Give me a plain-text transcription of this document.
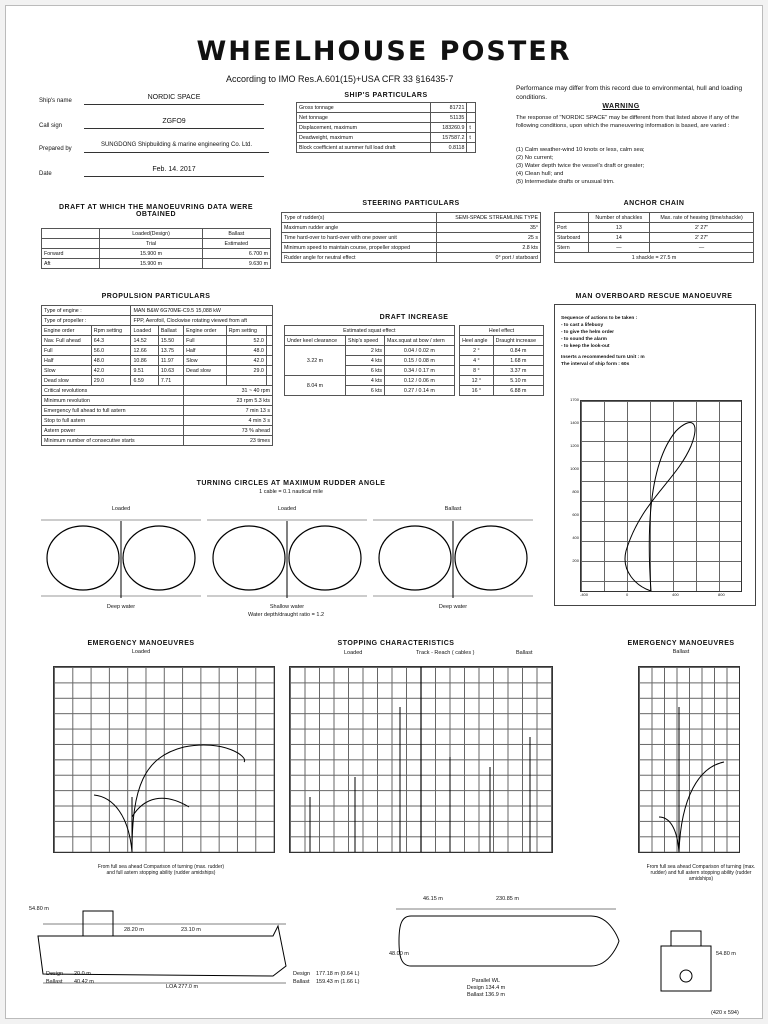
WHEELHOUSE POSTER
According to IMO Res.A.601(15)+USA CFR 33 §16435-7
Performance may differ from this record due to environmental, hull and loading conditions.
Ship's name	NORDIC SPACE
Call sign
ZGFO9
Prepared by
SUNGDONG Shipbuilding & marine engineering Co. Ltd.
Date
Feb. 14. 2017
SHIP'S PARTICULARS
Gross tonnage	81721	
Net tonnage	51135	
Displacement, maximum	183260.9	t
Deadweight, maximum	157587.2	t
Block coefficient at summer full load draft	0.8118	
WARNING
The response of "NORDIC SPACE" may be different from that listed above if any of the following conditions, upon which the maneuvering information is based, are varied :
(1) Calm weather-wind 10 knots or less, calm sea;
(2) No current;
(3) Water depth twice the vessel's draft or greater;
(4) Clean hull; and
(5) Intermediate drafts or unusual trim.
DRAFT AT WHICH THE MANOEUVRING DATA WERE OBTAINED
	Loaded(Design)	Ballast
	Trial	Estimated
Forward	15.900 m	6.700 m
Aft	15.900 m	9.630 m
STEERING PARTICULARS
Type of rudder(s)	SEMI-SPADE STREAMLINE TYPE
Maximum rudder angle	35°
Time hard-over to hard-over with one power unit	25 s
Minimum speed to maintain course, propeller stopped	2.8 kts
Rudder angle for neutral effect	0° port / starboard
ANCHOR CHAIN
	Number of shackles	Max. rate of heaving (time/shackle)
Port	13	2' 27"
Starboard	14	2' 27"
Stern	—	—
1 shackle = 27.5 m		
PROPULSION PARTICULARS
Type of engine :		MAN B&W 6G70ME-C9.5 15,088 kW				
Type of propeller :		FPP, Aerofoil, Clockwise rotating viewed from aft				
Engine order	Rpm setting	Loaded	Ballast	Engine order	Rpm setting	
Nav. Full ahead	64.3	14.52	15.50	Full	52.0	
Full	56.0	12.66	13.75	Half	48.0	
Half	48.0	10.86	11.97	Slow	42.0	
Slow	42.0	9.51	10.63	Dead slow	29.0	
Dead slow	29.0	6.59	7.71			
Critical revolutions				31 ~ 40 rpm		
Minimum revolution				23 rpm 5.3 kts		
Emergency full ahead to full astern				7 min 13 s		
Stop to full astern				4 min 3 s		
Astern power				73 % ahead		
Minimum number of consecutive starts				23 times		
DRAFT INCREASE
Estimated squat effect				Heel effect	
Under keel clearance	Ship's speed	Max.squat at bow / stern		Heel angle	Draught increase
3.22 m	2 kts	0.04 / 0.02 m		2 °	0.84 m
	4 kts	0.15 / 0.08 m		4 °	1.68 m
	6 kts	0.34 / 0.17 m		8 °	3.37 m
8.04 m	4 kts	0.12 / 0.06 m		12 °	5.10 m
	6 kts	0.27 / 0.14 m		16 °	6.88 m
MAN OVERBOARD RESCUE MANOEUVRE
Sequence of actions to be taken :
- to cast a lifebuoy
- to give the helm order
- to sound the alarm
- to keep the look-out
Inserts a recommended turn Unit : m
The interval of ship form : 60s
1700
1400
1200
1000
800
600
400
200
-400	0	400	800
TURNING CIRCLES AT MAXIMUM RUDDER ANGLE
1 cable = 0.1 nautical mile
Loaded
Deep water
Loaded
Shallow water
Ballast
Deep water
Water depth/draught ratio = 1.2
EMERGENCY MANOEUVRES
Loaded
From full sea ahead Comparison of turning (max. rudder) and full astern stopping ability (rudder amidships)
STOPPING CHARACTERISTICS
Loaded	Track - Reach ( cables )	Ballast
EMERGENCY MANOEUVRES
Ballast
From full sea ahead Comparison of turning (max. rudder) and full astern stopping ability (rudder amidships)
54.80 m
28.20 m	23.10 m
LOA 277.0 m
Design 20.0 m
Ballast 40.42 m
Design 177.18 m (0.64 L)
Ballast 159.43 m (1.66 L)
46.15 m	230.85 m
48.00 m
Parallel WL
Design 134.4 m
Ballast 136.9 m
54.80 m
(420 x 594)
